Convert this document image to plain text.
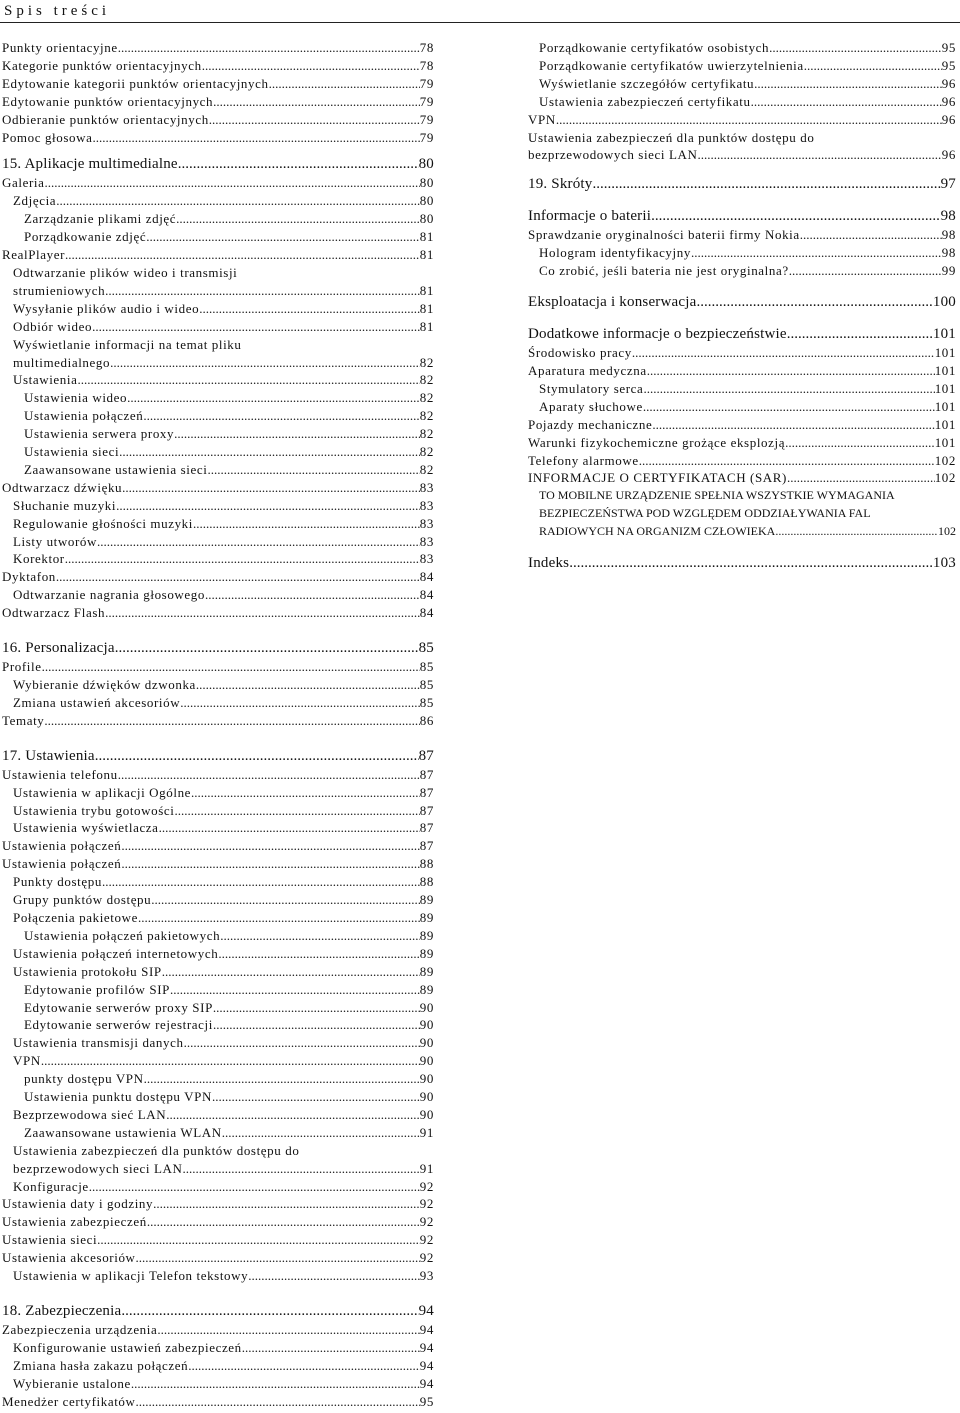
Spis treści
Punkty orientacyjne .....	78
Kategorie punktów orientacyjnych .....	78
Edytowanie kategorii punktów orientacyjnych .....	79
Edytowanie punktów orientacyjnych .....	79
Odbieranie punktów orientacyjnych .....	79
Pomoc głosowa .....	79
15. Aplikacje multimedialne .....	80
Galeria .....	80
Zdjęcia .....	80
Zarządzanie plikami zdjęć .....	80
Porządkowanie zdjęć .....	81
RealPlayer .....	81
Odtwarzanie plików wideo i transmisji
strumieniowych .....	81
Wysyłanie plików audio i wideo .....	81
Odbiór wideo .....	81
Wyświetlanie informacji na temat pliku
multimedialnego .....	82
Ustawienia .....	82
Ustawienia wideo .....	82
Ustawienia połączeń .....	82
Ustawienia serwera proxy .....	82
Ustawienia sieci .....	82
Zaawansowane ustawienia sieci .....	82
Odtwarzacz dźwięku .....	83
Słuchanie muzyki .....	83
Regulowanie głośności muzyki .....	83
Listy utworów .....	83
Korektor .....	83
Dyktafon .....	84
Odtwarzanie nagrania głosowego .....	84
Odtwarzacz Flash .....	84
16. Personalizacja .....	85
Profile .....	85
Wybieranie dźwięków dzwonka .....	85
Zmiana ustawień akcesoriów .....	85
Tematy .....	86
17. Ustawienia .....	87
Ustawienia telefonu .....	87
Ustawienia w aplikacji Ogólne .....	87
Ustawienia trybu gotowości .....	87
Ustawienia wyświetlacza .....	87
Ustawienia połączeń .....	87
Ustawienia połączeń .....	88
Punkty dostępu .....	88
Grupy punktów dostępu .....	89
Połączenia pakietowe .....	89
Ustawienia połączeń pakietowych .....	89
Ustawienia połączeń internetowych .....	89
Ustawienia protokołu SIP .....	89
Edytowanie profilów SIP .....	89
Edytowanie serwerów proxy SIP .....	90
Edytowanie serwerów rejestracji .....	90
Ustawienia transmisji danych .....	90
VPN .....	90
punkty dostępu VPN .....	90
Ustawienia punktu dostępu VPN .....	90
Bezprzewodowa sieć LAN .....	90
Zaawansowane ustawienia WLAN .....	91
Ustawienia zabezpieczeń dla punktów dostępu do
bezprzewodowych sieci LAN .....	91
Konfiguracje .....	92
Ustawienia daty i godziny .....	92
Ustawienia zabezpieczeń .....	92
Ustawienia sieci .....	92
Ustawienia akcesoriów .....	92
Ustawienia w aplikacji Telefon tekstowy .....	93
18. Zabezpieczenia .....	94
Zabezpieczenia urządzenia .....	94
Konfigurowanie ustawień zabezpieczeń .....	94
Zmiana hasła zakazu połączeń .....	94
Wybieranie ustalone .....	94
Menedżer certyfikatów .....	95
Porządkowanie certyfikatów osobistych .....	95
Porządkowanie certyfikatów uwierzytelnienia .....	95
Wyświetlanie szczegółów certyfikatu .....	96
Ustawienia zabezpieczeń certyfikatu .....	96
VPN .....	96
Ustawienia zabezpieczeń dla punktów dostępu do
bezprzewodowych sieci LAN .....	96
19. Skróty .....	97
Informacje o baterii .....	98
Sprawdzanie oryginalności baterii firmy Nokia .....	98
Hologram identyfikacyjny .....	98
Co zrobić, jeśli bateria nie jest oryginalna? .....	99
Eksploatacja i konserwacja .....	100
Dodatkowe informacje o bezpieczeństwie .....	101
Środowisko pracy .....	101
Aparatura medyczna .....	101
Stymulatory serca .....	101
Aparaty słuchowe .....	101
Pojazdy mechaniczne .....	101
Warunki fizykochemiczne grożące eksplozją .....	101
Telefony alarmowe .....	102
INFORMACJE O CERTYFIKATACH (SAR) .....	102
TO MOBILNE URZĄDZENIE SPEŁNIA WSZYSTKIE WYMAGANIA
BEZPIECZEŃSTWA POD WZGLĘDEM ODDZIAŁYWANIA FAL
RADIOWYCH NA ORGANIZM CZŁOWIEKA .....	102
Indeks .....	103
